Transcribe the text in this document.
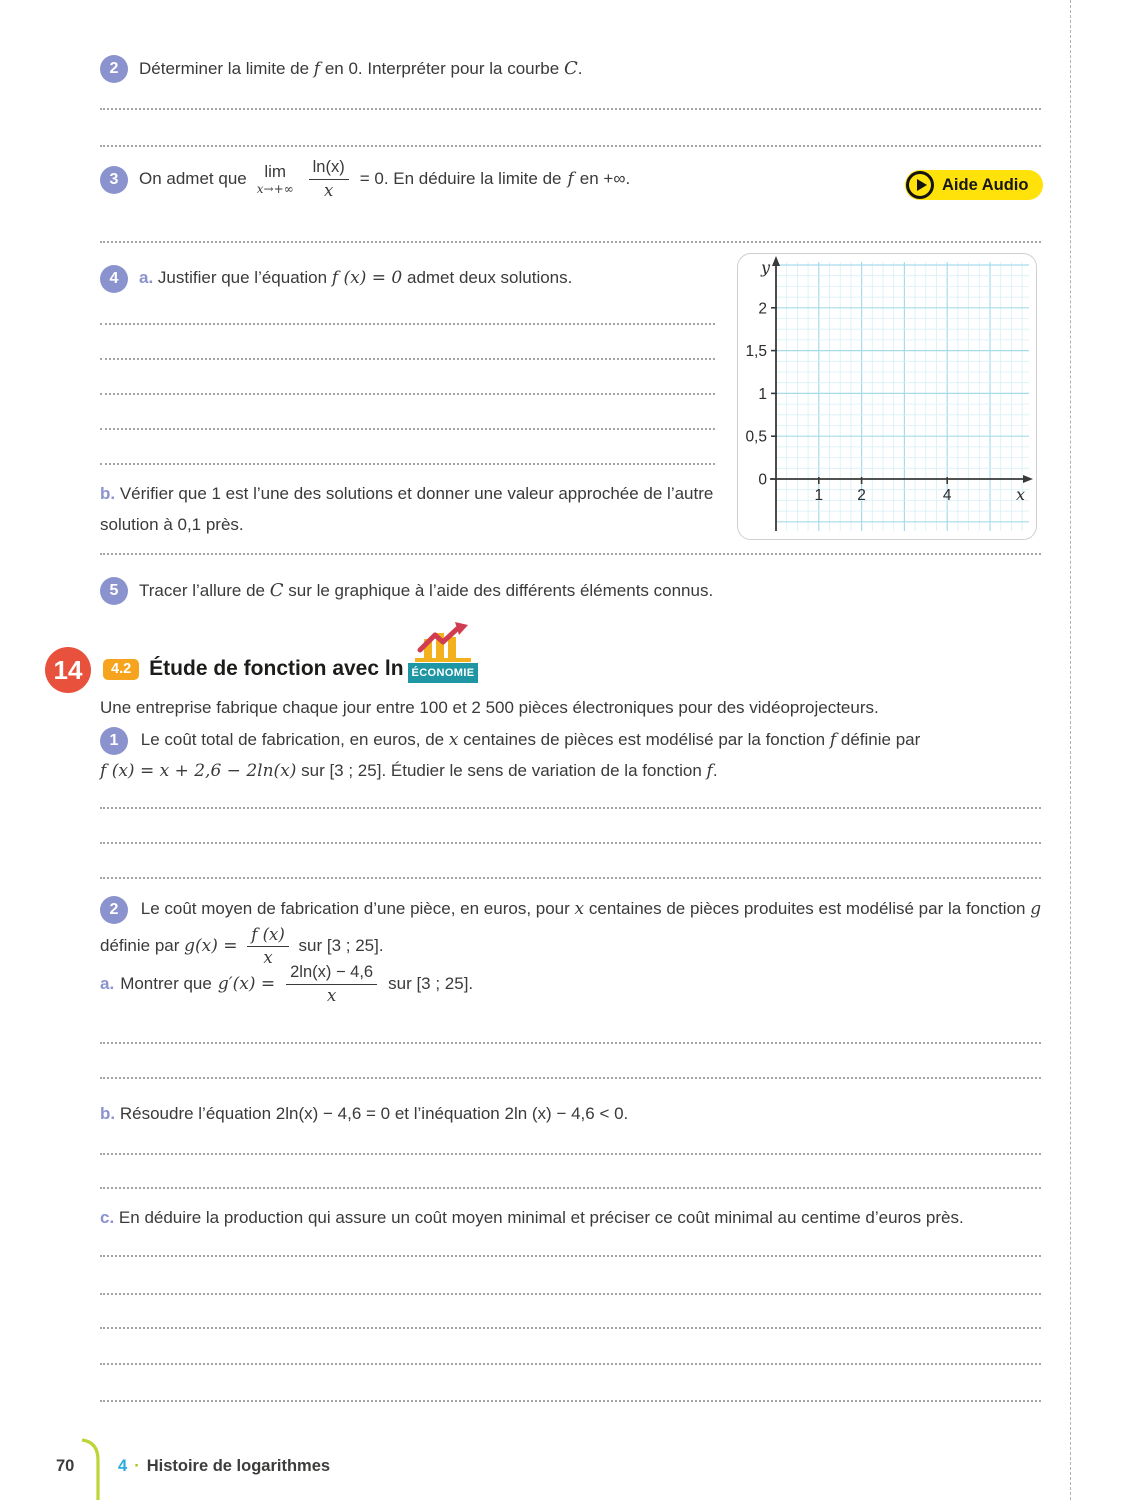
2	Déterminer la limite de f en 0. Interpréter pour la courbe C.

3	On admet que lim
$x\to+\infty \frac{\ln(x)}{x} = 0$. En déduire la limite de f en +∞.	Aide Audio
4	a. Justifier que l’équation f (x) = 0 admet deux solutions.

0
0,5
1
1,5
2
1 2	4
y
x

b. Vérifier que 1 est l’une des solutions et donner une valeur approchée de l’autre solution à 0,1 près.

5	Tracer l’allure de C sur le graphique à l’aide des différents éléments connus.

14	4.2 Étude de fonction avec ln ÉCONOMIE

Une entreprise fabrique chaque jour entre 100 et 2 500 pièces électroniques pour des vidéoprojecteurs.

1 Le coût total de fabrication, en euros, de x centaines de pièces est modélisé par la fonction f définie par f (x) = x + 2,6 − 2ln(x) sur [3 ; 25]. Étudier le sens de variation de la fonction f.

2 Le coût moyen de fabrication d’une pièce, en euros, pour x centaines de pièces produites est modélisé par la fonction g définie par $g(x) = \frac{f (x)}{x}$ sur [3 ; 25].

a. Montrer que $g'(x) = \frac{2\ln(x) - 4,6}{x}$ sur [3 ; 25].

b. Résoudre l’équation 2ln(x) − 4,6 = 0 et l’inéquation 2ln (x) − 4,6 < 0.

c. En déduire la production qui assure un coût moyen minimal et préciser ce coût minimal au centime d’euros près.

70	4 · Histoire de logarithmes
